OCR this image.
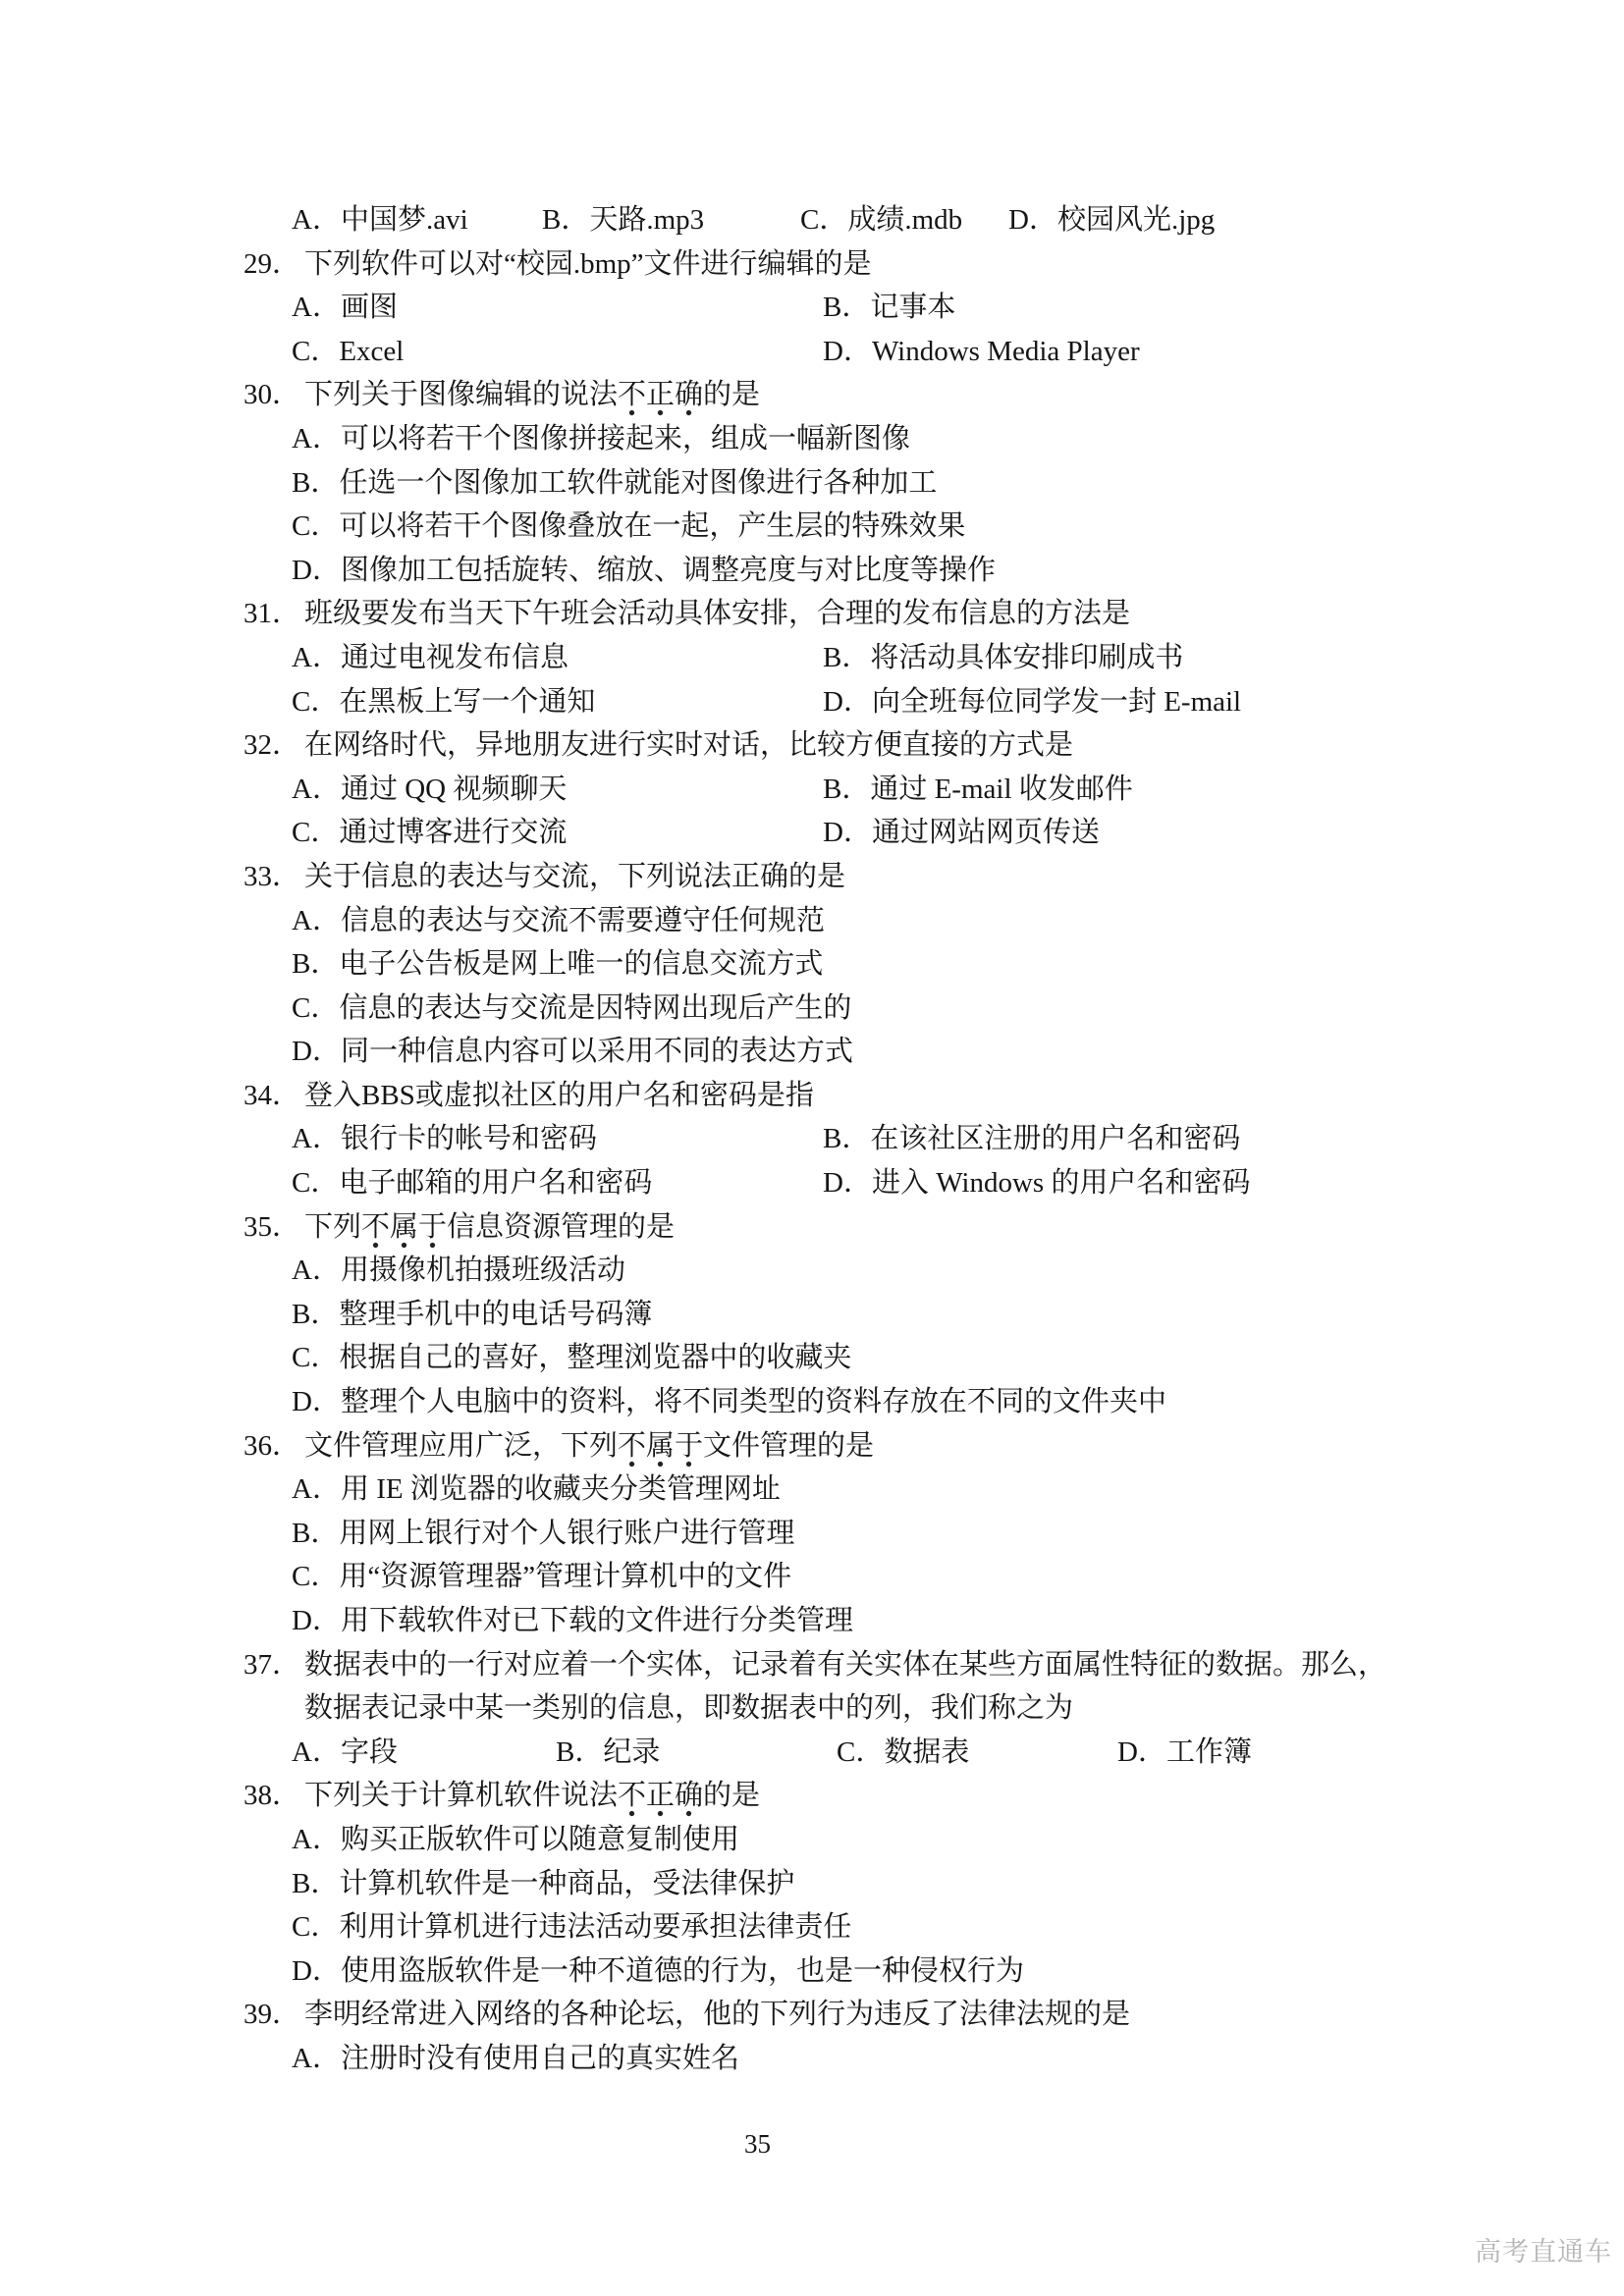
A．中国梦.avi	B．天路.mp3	C．成绩.mdb D．校园风光.jpg
29． 下列软件可以对“校园.bmp”文件进行编辑的是
A．画图	B．记事本
C．Excel	D．Windows Media Player
30． 下列关于图像编辑的说法不正确的是
A．可以将若干个图像拼接起来，组成一幅新图像
B．任选一个图像加工软件就能对图像进行各种加工
C．可以将若干个图像叠放在一起，产生层的特殊效果
D．图像加工包括旋转、缩放、调整亮度与对比度等操作
31． 班级要发布当天下午班会活动具体安排，合理的发布信息的方法是
A．通过电视发布信息	B．将活动具体安排印刷成书
C．在黑板上写一个通知	D．向全班每位同学发一封 E-mail
32． 在网络时代，异地朋友进行实时对话，比较方便直接的方式是
A．通过 QQ 视频聊天	B．通过 E-mail 收发邮件
C．通过博客进行交流	D．通过网站网页传送
33． 关于信息的表达与交流，下列说法正确的是
A．信息的表达与交流不需要遵守任何规范
B．电子公告板是网上唯一的信息交流方式
C．信息的表达与交流是因特网出现后产生的
D．同一种信息内容可以采用不同的表达方式
34． 登入BBS或虚拟社区的用户名和密码是指
A．银行卡的帐号和密码	B．在该社区注册的用户名和密码
C．电子邮箱的用户名和密码	D．进入 Windows 的用户名和密码
35． 下列不属于信息资源管理的是
A．用摄像机拍摄班级活动
B．整理手机中的电话号码簿
C．根据自己的喜好，整理浏览器中的收藏夹
D．整理个人电脑中的资料，将不同类型的资料存放在不同的文件夹中
36． 文件管理应用广泛，下列不属于文件管理的是
A．用 IE 浏览器的收藏夹分类管理网址
B．用网上银行对个人银行账户进行管理
C．用“资源管理器”管理计算机中的文件
D．用下载软件对已下载的文件进行分类管理
37． 数据表中的一行对应着一个实体，记录着有关实体在某些方面属性特征的数据。那么，
数据表记录中某一类别的信息，即数据表中的列，我们称之为
A．字段	B．纪录	C．数据表	D．工作簿
38． 下列关于计算机软件说法不正确的是
A．购买正版软件可以随意复制使用
B．计算机软件是一种商品，受法律保护
C．利用计算机进行违法活动要承担法律责任
D．使用盗版软件是一种不道德的行为，也是一种侵权行为
39． 李明经常进入网络的各种论坛，他的下列行为违反了法律法规的是
A．注册时没有使用自己的真实姓名
35
高考直通车
